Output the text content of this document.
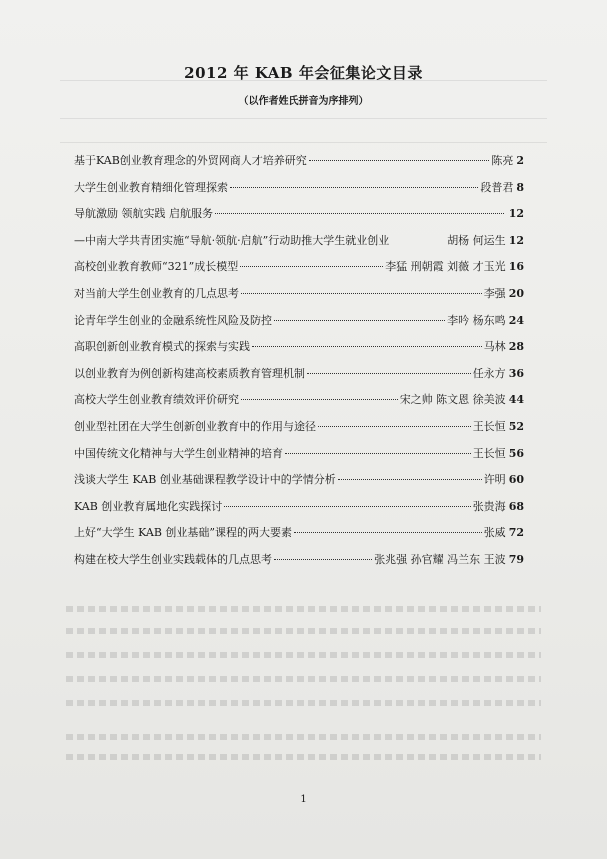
2012 年 KAB 年会征集论文目录
（以作者姓氏拼音为序排列）
基于KAB创业教育理念的外贸网商人才培养研究	陈亮 2
大学生创业教育精细化管理探索	段普君 8
导航激励 领航实践 启航服务	12
—中南大学共青团实施“导航·领航·启航”行动助推大学生就业创业	胡杨 何运生 12
高校创业教育教师“321”成长模型	李猛 刑朝霞 刘薇 才玉光 16
对当前大学生创业教育的几点思考	李强 20
论青年学生创业的金融系统性风险及防控	李吟 杨东鸣 24
高职创新创业教育模式的探索与实践	马林 28
以创业教育为例创新构建高校素质教育管理机制	任永方 36
高校大学生创业教育绩效评价研究	宋之帅 陈文恩 徐美波 44
创业型社团在大学生创新创业教育中的作用与途径	王长恒 52
中国传统文化精神与大学生创业精神的培育	王长恒 56
浅谈大学生 KAB 创业基础课程教学设计中的学情分析	许明 60
KAB 创业教育属地化实践探讨	张贵海 68
上好“大学生 KAB 创业基础”课程的两大要素	张威 72
构建在校大学生创业实践载体的几点思考	张兆强 孙官耀 冯兰东 王波 79
1
